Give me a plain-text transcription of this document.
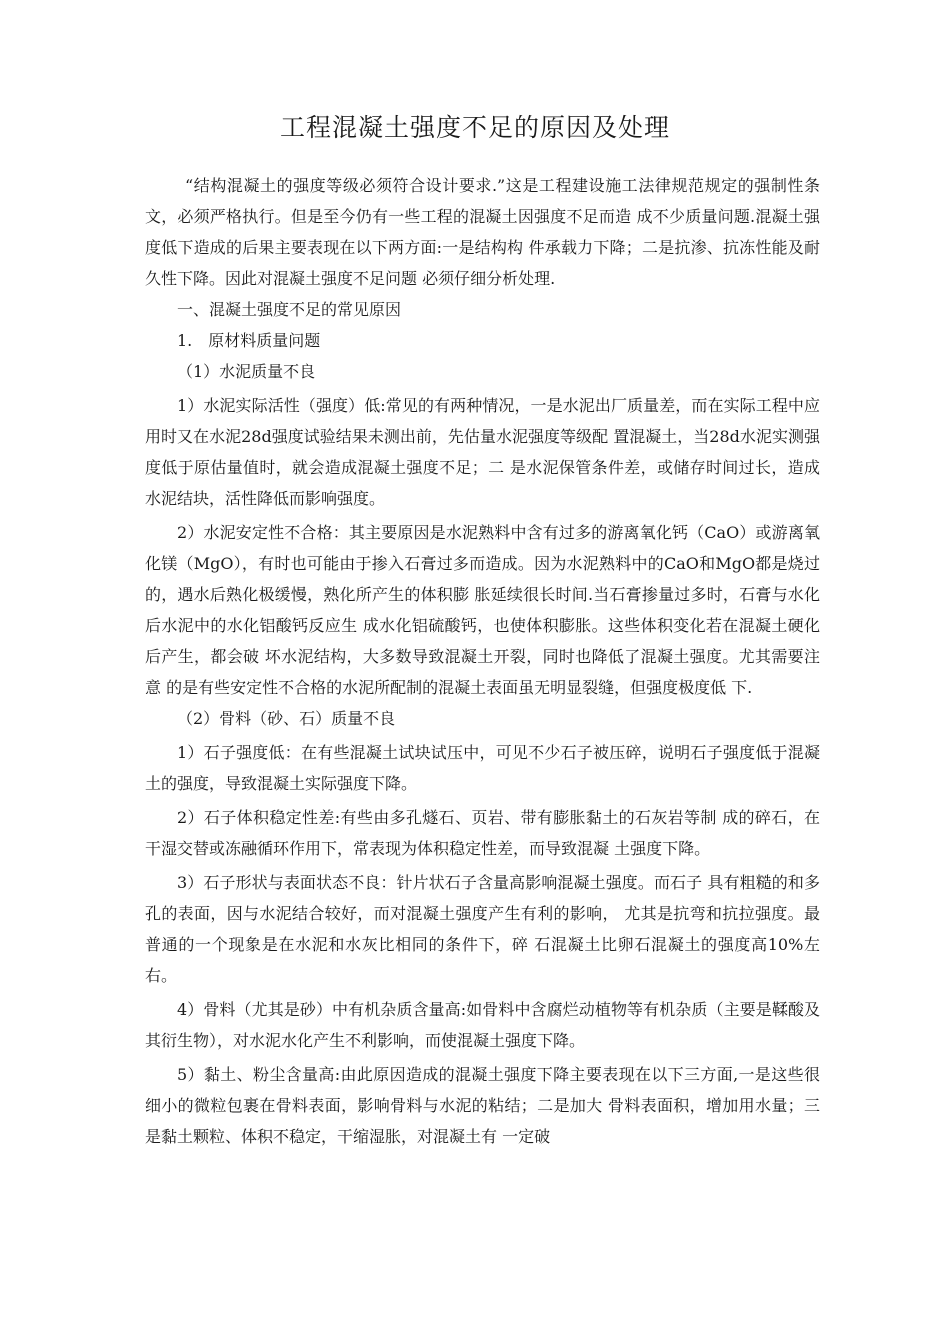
工程混凝土强度不足的原因及处理

“结构混凝土的强度等级必须符合设计要求.”这是工程建设施工法律规范规定的强制性条文，必须严格执行。但是至今仍有一些工程的混凝土因强度不足而造 成不少质量问题.混凝土强度低下造成的后果主要表现在以下两方面:一是结构构 件承载力下降；二是抗渗、抗冻性能及耐久性下降。因此对混凝土强度不足问题 必须仔细分析处理.

一、混凝土强度不足的常见原因

1.　原材料质量问题

（1）水泥质量不良

1）水泥实际活性（强度）低:常见的有两种情况，一是水泥出厂质量差，而在实际工程中应用时又在水泥28d强度试验结果未测出前，先估量水泥强度等级配 置混凝土，当28d水泥实测强度低于原估量值时，就会造成混凝土强度不足；二 是水泥保管条件差，或储存时间过长，造成水泥结块，活性降低而影响强度。

2）水泥安定性不合格：其主要原因是水泥熟料中含有过多的游离氧化钙（CaO）或游离氧化镁（MgO），有时也可能由于掺入石膏过多而造成。因为水泥熟料中的CaO和MgO都是烧过的，遇水后熟化极缓慢，熟化所产生的体积膨 胀延续很长时间.当石膏掺量过多时，石膏与水化后水泥中的水化铝酸钙反应生 成水化铝硫酸钙，也使体积膨胀。这些体积变化若在混凝土硬化后产生，都会破 坏水泥结构，大多数导致混凝土开裂，同时也降低了混凝土强度。尤其需要注意 的是有些安定性不合格的水泥所配制的混凝土表面虽无明显裂缝，但强度极度低 下.

（2）骨料（砂、石）质量不良

1）石子强度低：在有些混凝土试块试压中，可见不少石子被压碎，说明石子强度低于混凝土的强度，导致混凝土实际强度下降。

2）石子体积稳定性差:有些由多孔燧石、页岩、带有膨胀黏土的石灰岩等制 成的碎石，在干湿交替或冻融循环作用下，常表现为体积稳定性差，而导致混凝 土强度下降。

3）石子形状与表面状态不良：针片状石子含量高影响混凝土强度。而石子 具有粗糙的和多孔的表面，因与水泥结合较好，而对混凝土强度产生有利的影响， 尤其是抗弯和抗拉强度。最普通的一个现象是在水泥和水灰比相同的条件下，碎 石混凝土比卵石混凝土的强度高10%左右。

4）骨料（尤其是砂）中有机杂质含量高:如骨料中含腐烂动植物等有机杂质（主要是鞣酸及其衍生物），对水泥水化产生不利影响，而使混凝土强度下降。

5）黏土、粉尘含量高:由此原因造成的混凝土强度下降主要表现在以下三方面,一是这些很细小的微粒包裹在骨料表面，影响骨料与水泥的粘结；二是加大 骨料表面积，增加用水量；三是黏土颗粒、体积不稳定，干缩湿胀，对混凝土有 一定破
